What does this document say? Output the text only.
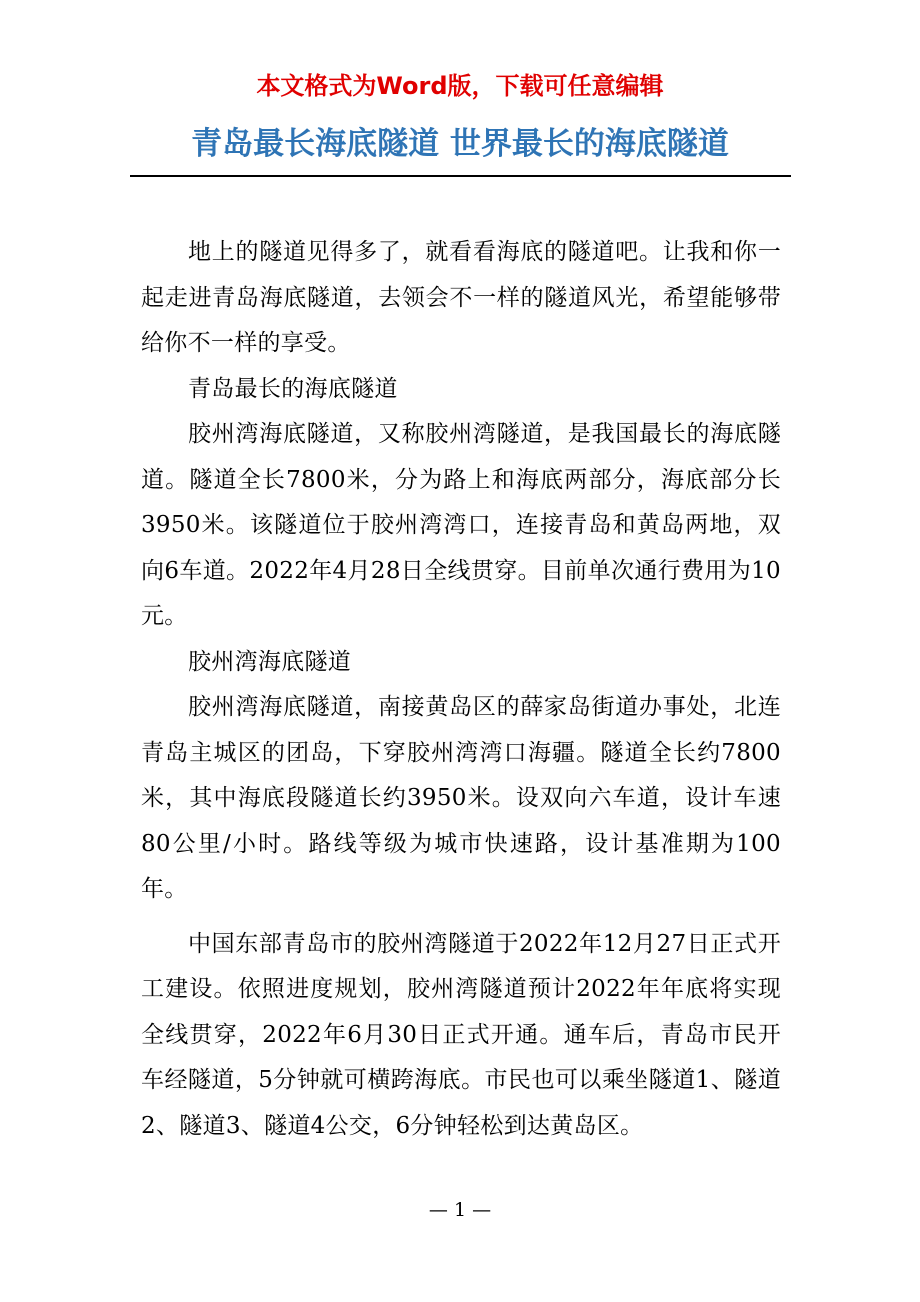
本文格式为Word版，下载可任意编辑
青岛最长海底隧道 世界最长的海底隧道

地上的隧道见得多了，就看看海底的隧道吧。让我和你一起走进青岛海底隧道，去领会不一样的隧道风光，希望能够带给你不一样的享受。

青岛最长的海底隧道

胶州湾海底隧道，又称胶州湾隧道，是我国最长的海底隧道。隧道全长7800米，分为路上和海底两部分，海底部分长3950米。该隧道位于胶州湾湾口，连接青岛和黄岛两地，双向6车道。2022年4月28日全线贯穿。目前单次通行费用为10元。

胶州湾海底隧道

胶州湾海底隧道，南接黄岛区的薛家岛街道办事处，北连青岛主城区的团岛，下穿胶州湾湾口海疆。隧道全长约7800米，其中海底段隧道长约3950米。设双向六车道，设计车速80公里/小时。路线等级为城市快速路，设计基准期为100年。

中国东部青岛市的胶州湾隧道于2022年12月27日正式开工建设。依照进度规划，胶州湾隧道预计2022年年底将实现全线贯穿，2022年6月30日正式开通。通车后，青岛市民开车经隧道，5分钟就可横跨海底。市民也可以乘坐隧道1、隧道2、隧道3、隧道4公交，6分钟轻松到达黄岛区。

— 1 —
